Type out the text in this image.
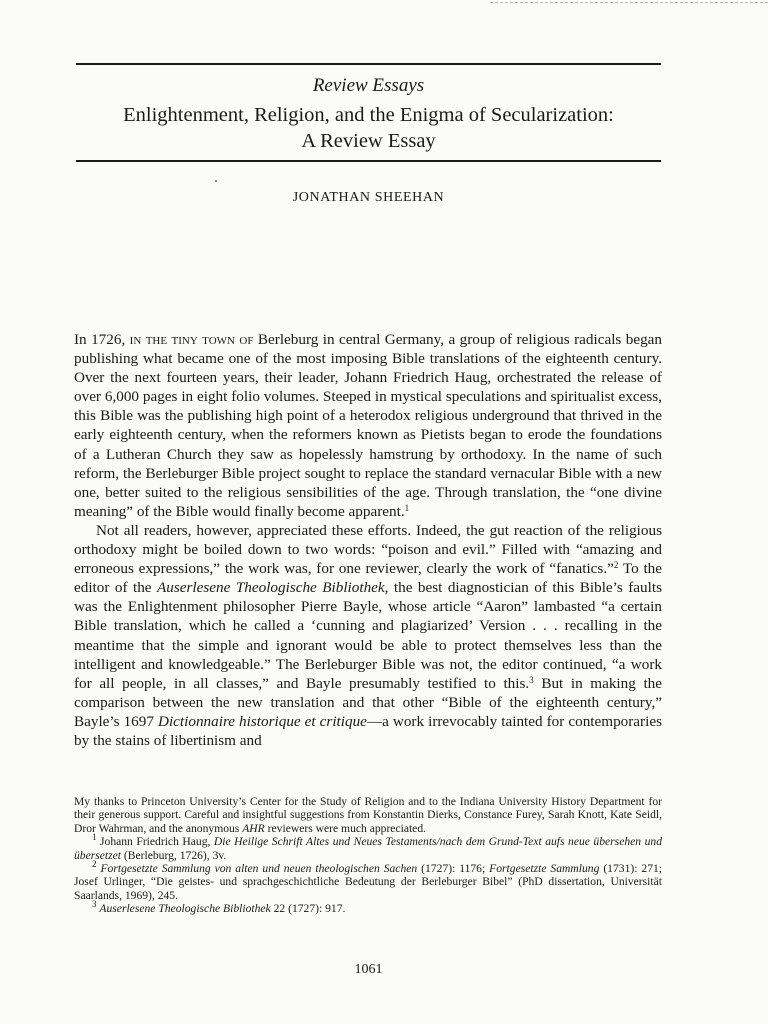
Review Essays
Enlightenment, Religion, and the Enigma of Secularization:
A Review Essay
JONATHAN SHEEHAN

In 1726, in the tiny town of Berleburg in central Germany, a group of religious radicals began publishing what became one of the most imposing Bible translations of the eighteenth century. Over the next fourteen years, their leader, Johann Friedrich Haug, orchestrated the release of over 6,000 pages in eight folio volumes. Steeped in mystical speculations and spiritualist excess, this Bible was the publishing high point of a heterodox religious underground that thrived in the early eighteenth century, when the reformers known as Pietists began to erode the foundations of a Lutheran Church they saw as hopelessly hamstrung by orthodoxy. In the name of such reform, the Berleburger Bible project sought to replace the standard vernacular Bible with a new one, better suited to the religious sensibilities of the age. Through translation, the “one divine meaning” of the Bible would finally become apparent.$^1$

Not all readers, however, appreciated these efforts. Indeed, the gut reaction of the religious orthodoxy might be boiled down to two words: “poison and evil.” Filled with “amazing and erroneous expressions,” the work was, for one reviewer, clearly the work of “fanatics.”$^2$ To the editor of the Auserlesene Theologische Bibliothek, the best diagnostician of this Bible’s faults was the Enlightenment philosopher Pierre Bayle, whose article “Aaron” lambasted “a certain Bible translation, which he called a ‘cunning and plagiarized’ Version . . . recalling in the meantime that the simple and ignorant would be able to protect themselves less than the intelligent and knowledgeable.” The Berleburger Bible was not, the editor continued, “a work for all people, in all classes,” and Bayle presumably testified to this.$^3$ But in making the comparison between the new translation and that other “Bible of the eighteenth century,” Bayle’s 1697 Dictionnaire historique et critique—a work irrevocably tainted for contemporaries by the stains of libertinism and

My thanks to Princeton University’s Center for the Study of Religion and to the Indiana University History Department for their generous support. Careful and insightful suggestions from Konstantin Dierks, Constance Furey, Sarah Knott, Kate Seidl, Dror Wahrman, and the anonymous AHR reviewers were much appreciated.

$^1$ Johann Friedrich Haug, Die Heilige Schrift Altes und Neues Testaments/nach dem Grund-Text aufs neue übersehen und übersetzet (Berleburg, 1726), 3v.

$^2$ Fortgesetzte Sammlung von alten und neuen theologischen Sachen (1727): 1176; Fortgesetzte Sammlung (1731): 271; Josef Urlinger, “Die geistes- und sprachgeschichtliche Bedeutung der Berleburger Bibel” (PhD dissertation, Universität Saarlands, 1969), 245.

$^3$ Auserlesene Theologische Bibliothek 22 (1727): 917.

1061
